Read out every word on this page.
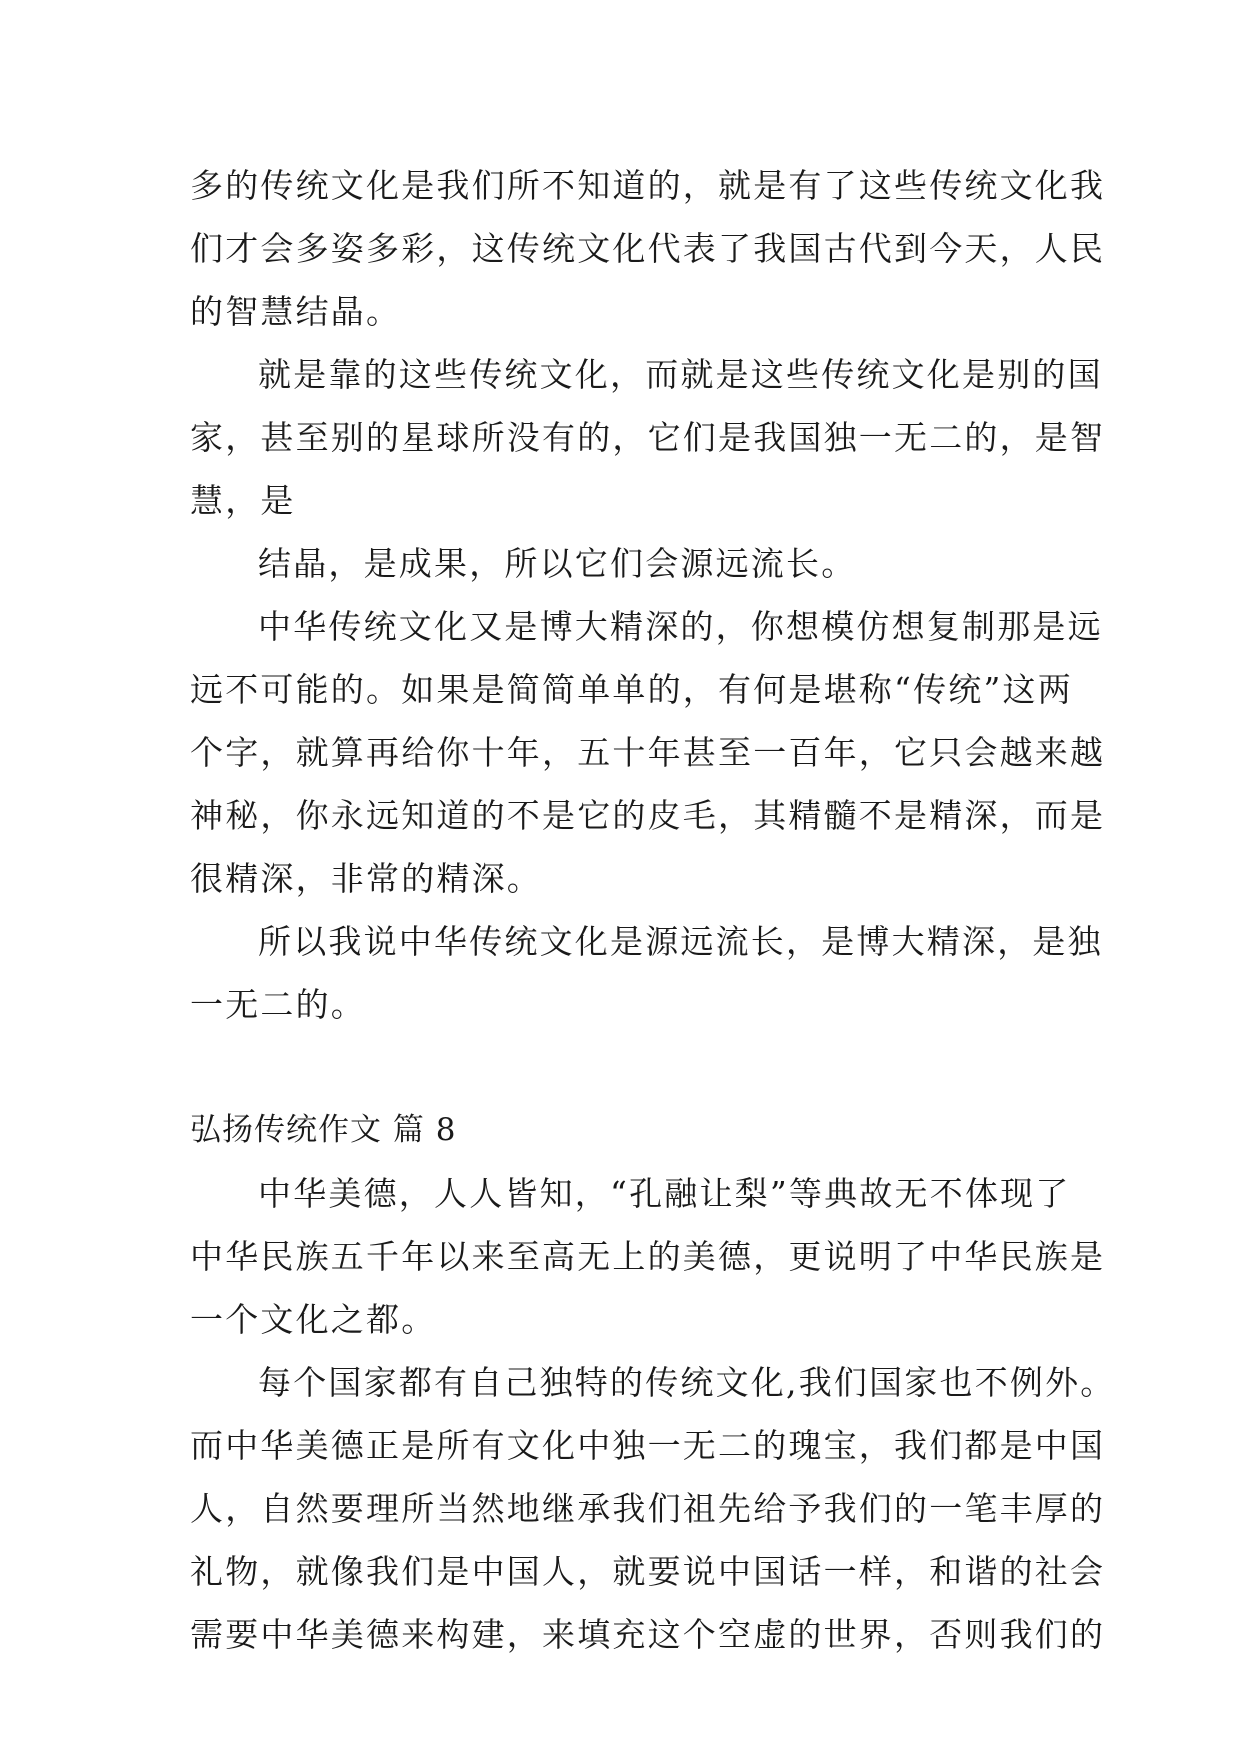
多的传统文化是我们所不知道的，就是有了这些传统文化我
们才会多姿多彩，这传统文化代表了我国古代到今天，人民
的智慧结晶。
就是靠的这些传统文化，而就是这些传统文化是别的国
家，甚至别的星球所没有的，它们是我国独一无二的，是智
慧，是
结晶，是成果，所以它们会源远流长。
中华传统文化又是博大精深的，你想模仿想复制那是远
远不可能的。如果是简简单单的，有何是堪称“传统”这两
个字，就算再给你十年，五十年甚至一百年，它只会越来越
神秘，你永远知道的不是它的皮毛，其精髓不是精深，而是
很精深，非常的精深。
所以我说中华传统文化是源远流长，是博大精深，是独
一无二的。
弘扬传统作文 篇 8
中华美德，人人皆知，“孔融让梨”等典故无不体现了
中华民族五千年以来至高无上的美德，更说明了中华民族是
一个文化之都。
每个国家都有自己独特的传统文化,我们国家也不例外。
而中华美德正是所有文化中独一无二的瑰宝，我们都是中国
人，自然要理所当然地继承我们祖先给予我们的一笔丰厚的
礼物，就像我们是中国人，就要说中国话一样，和谐的社会
需要中华美德来构建，来填充这个空虚的世界，否则我们的
